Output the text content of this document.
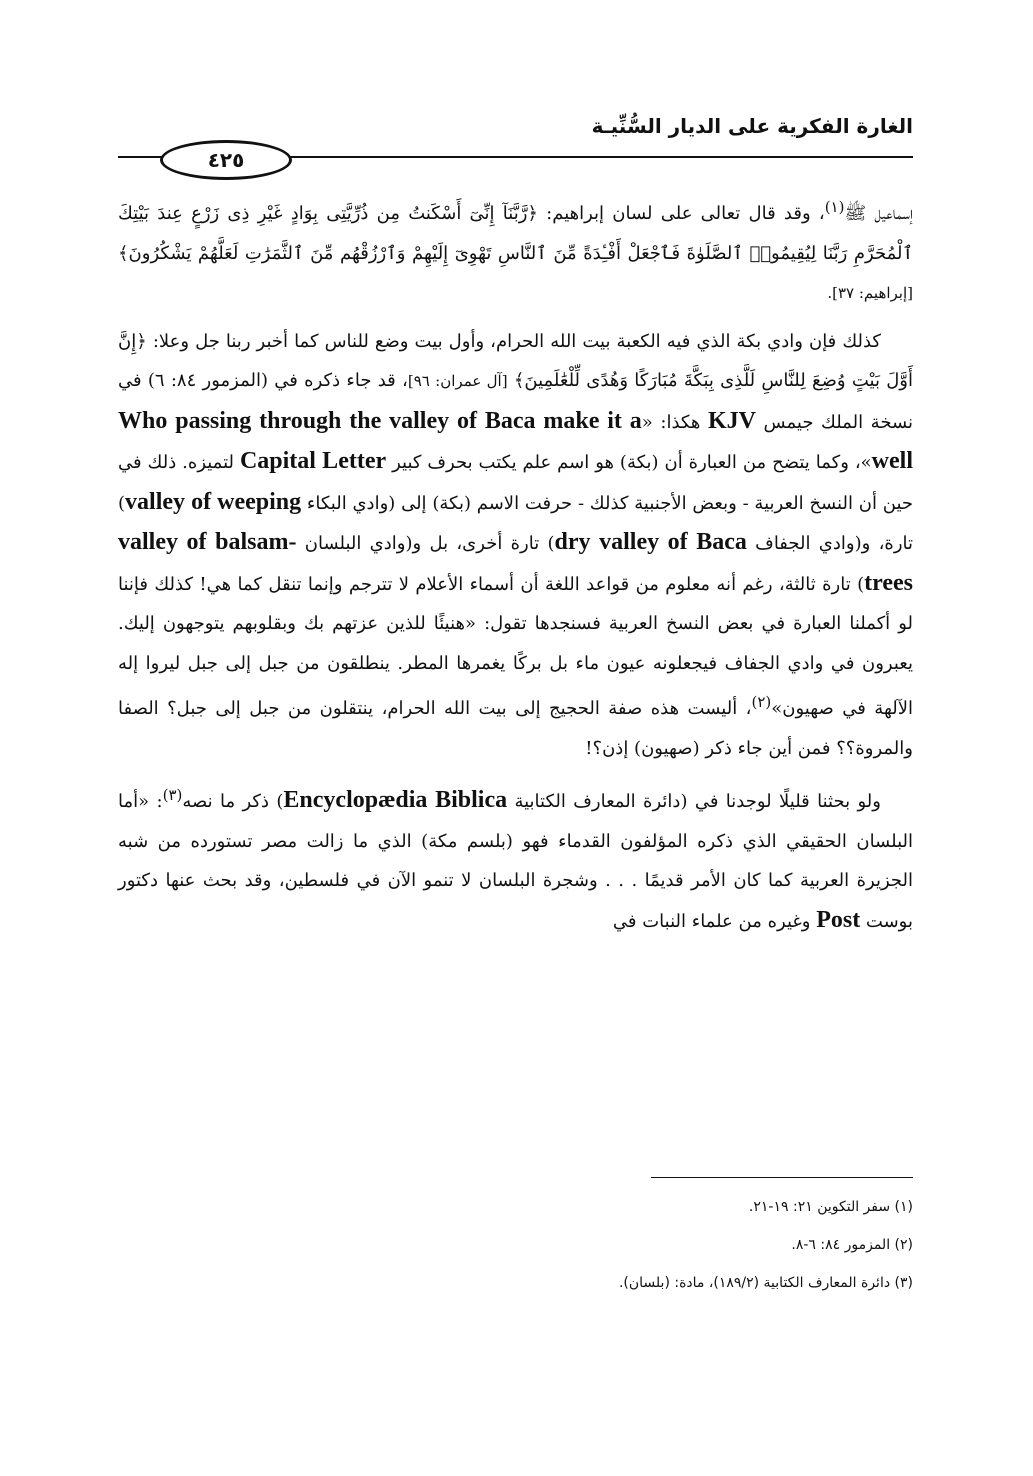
الغارة الفكرية على الديار السُّنِّيـة
٤٢٥

إسماعيل ﷺ$^{(١)}$، وقد قال تعالى على لسان إبراهيم: ﴿رَّبَّنَآ إِنِّىٓ أَسْكَنتُ مِن ذُرِّيَّتِى بِوَادٍ غَيْرِ ذِى زَرْعٍ عِندَ بَيْتِكَ ٱلْمُحَرَّمِ رَبَّنَا لِيُقِيمُوا۟ ٱلصَّلَوٰةَ فَٱجْعَلْ أَفْـِٔدَةً مِّنَ ٱلنَّاسِ تَهْوِىٓ إِلَيْهِمْ وَٱرْزُقْهُم مِّنَ ٱلثَّمَرَٰتِ لَعَلَّهُمْ يَشْكُرُونَ﴾ [إبراهيم: ٣٧].

كذلك فإن وادي بكة الذي فيه الكعبة بيت الله الحرام، وأول بيت وضع للناس كما أخبر ربنا جل وعلا: ﴿إِنَّ أَوَّلَ بَيْتٍ وُضِعَ لِلنَّاسِ لَلَّذِى بِبَكَّةَ مُبَارَكًا وَهُدًى لِّلْعَٰلَمِينَ﴾ [آل عمران: ٩٦]، قد جاء ذكره في (المزمور ٨٤: ٦) في نسخة الملك جيمس KJV هكذا: «Who passing through the valley of Baca make it a well»، وكما يتضح من العبارة أن (بكة) هو اسم علم يكتب بحرف كبير Capital Letter لتميزه. ذلك في حين أن النسخ العربية - وبعض الأجنبية كذلك - حرفت الاسم (بكة) إلى (وادي البكاء valley of weeping) تارة، و(وادي الجفاف dry valley of Baca) تارة أخرى، بل و(وادي البلسان valley of balsam-trees) تارة ثالثة، رغم أنه معلوم من قواعد اللغة أن أسماء الأعلام لا تترجم وإنما تنقل كما هي! كذلك فإننا لو أكملنا العبارة في بعض النسخ العربية فسنجدها تقول: «هنيئًا للذين عزتهم بك وبقلوبهم يتوجهون إليك. يعبرون في وادي الجفاف فيجعلونه عيون ماء بل بركًا يغمرها المطر. ينطلقون من جبل إلى جبل ليروا إله الآلهة في صهيون»$^{(٢)}$، أليست هذه صفة الحجيج إلى بيت الله الحرام، ينتقلون من جبل إلى جبل؟ الصفا والمروة؟؟ فمن أين جاء ذكر (صهيون) إذن؟!

ولو بحثنا قليلًا لوجدنا في (دائرة المعارف الكتابية Encyclopædia Biblica) ذكر ما نصه$^{(٣)}$: «أما البلسان الحقيقي الذي ذكره المؤلفون القدماء فهو (بلسم مكة) الذي ما زالت مصر تستورده من شبه الجزيرة العربية كما كان الأمر قديمًا . . . وشجرة البلسان لا تنمو الآن في فلسطين، وقد بحث عنها دكتور بوست Post وغيره من علماء النبات في

(١) سفر التكوين ٢١: ١٩-٢١.

(٢) المزمور ٨٤: ٦-٨.

(٣) دائرة المعارف الكتابية (١٨٩/٢)، مادة: (بلسان).
